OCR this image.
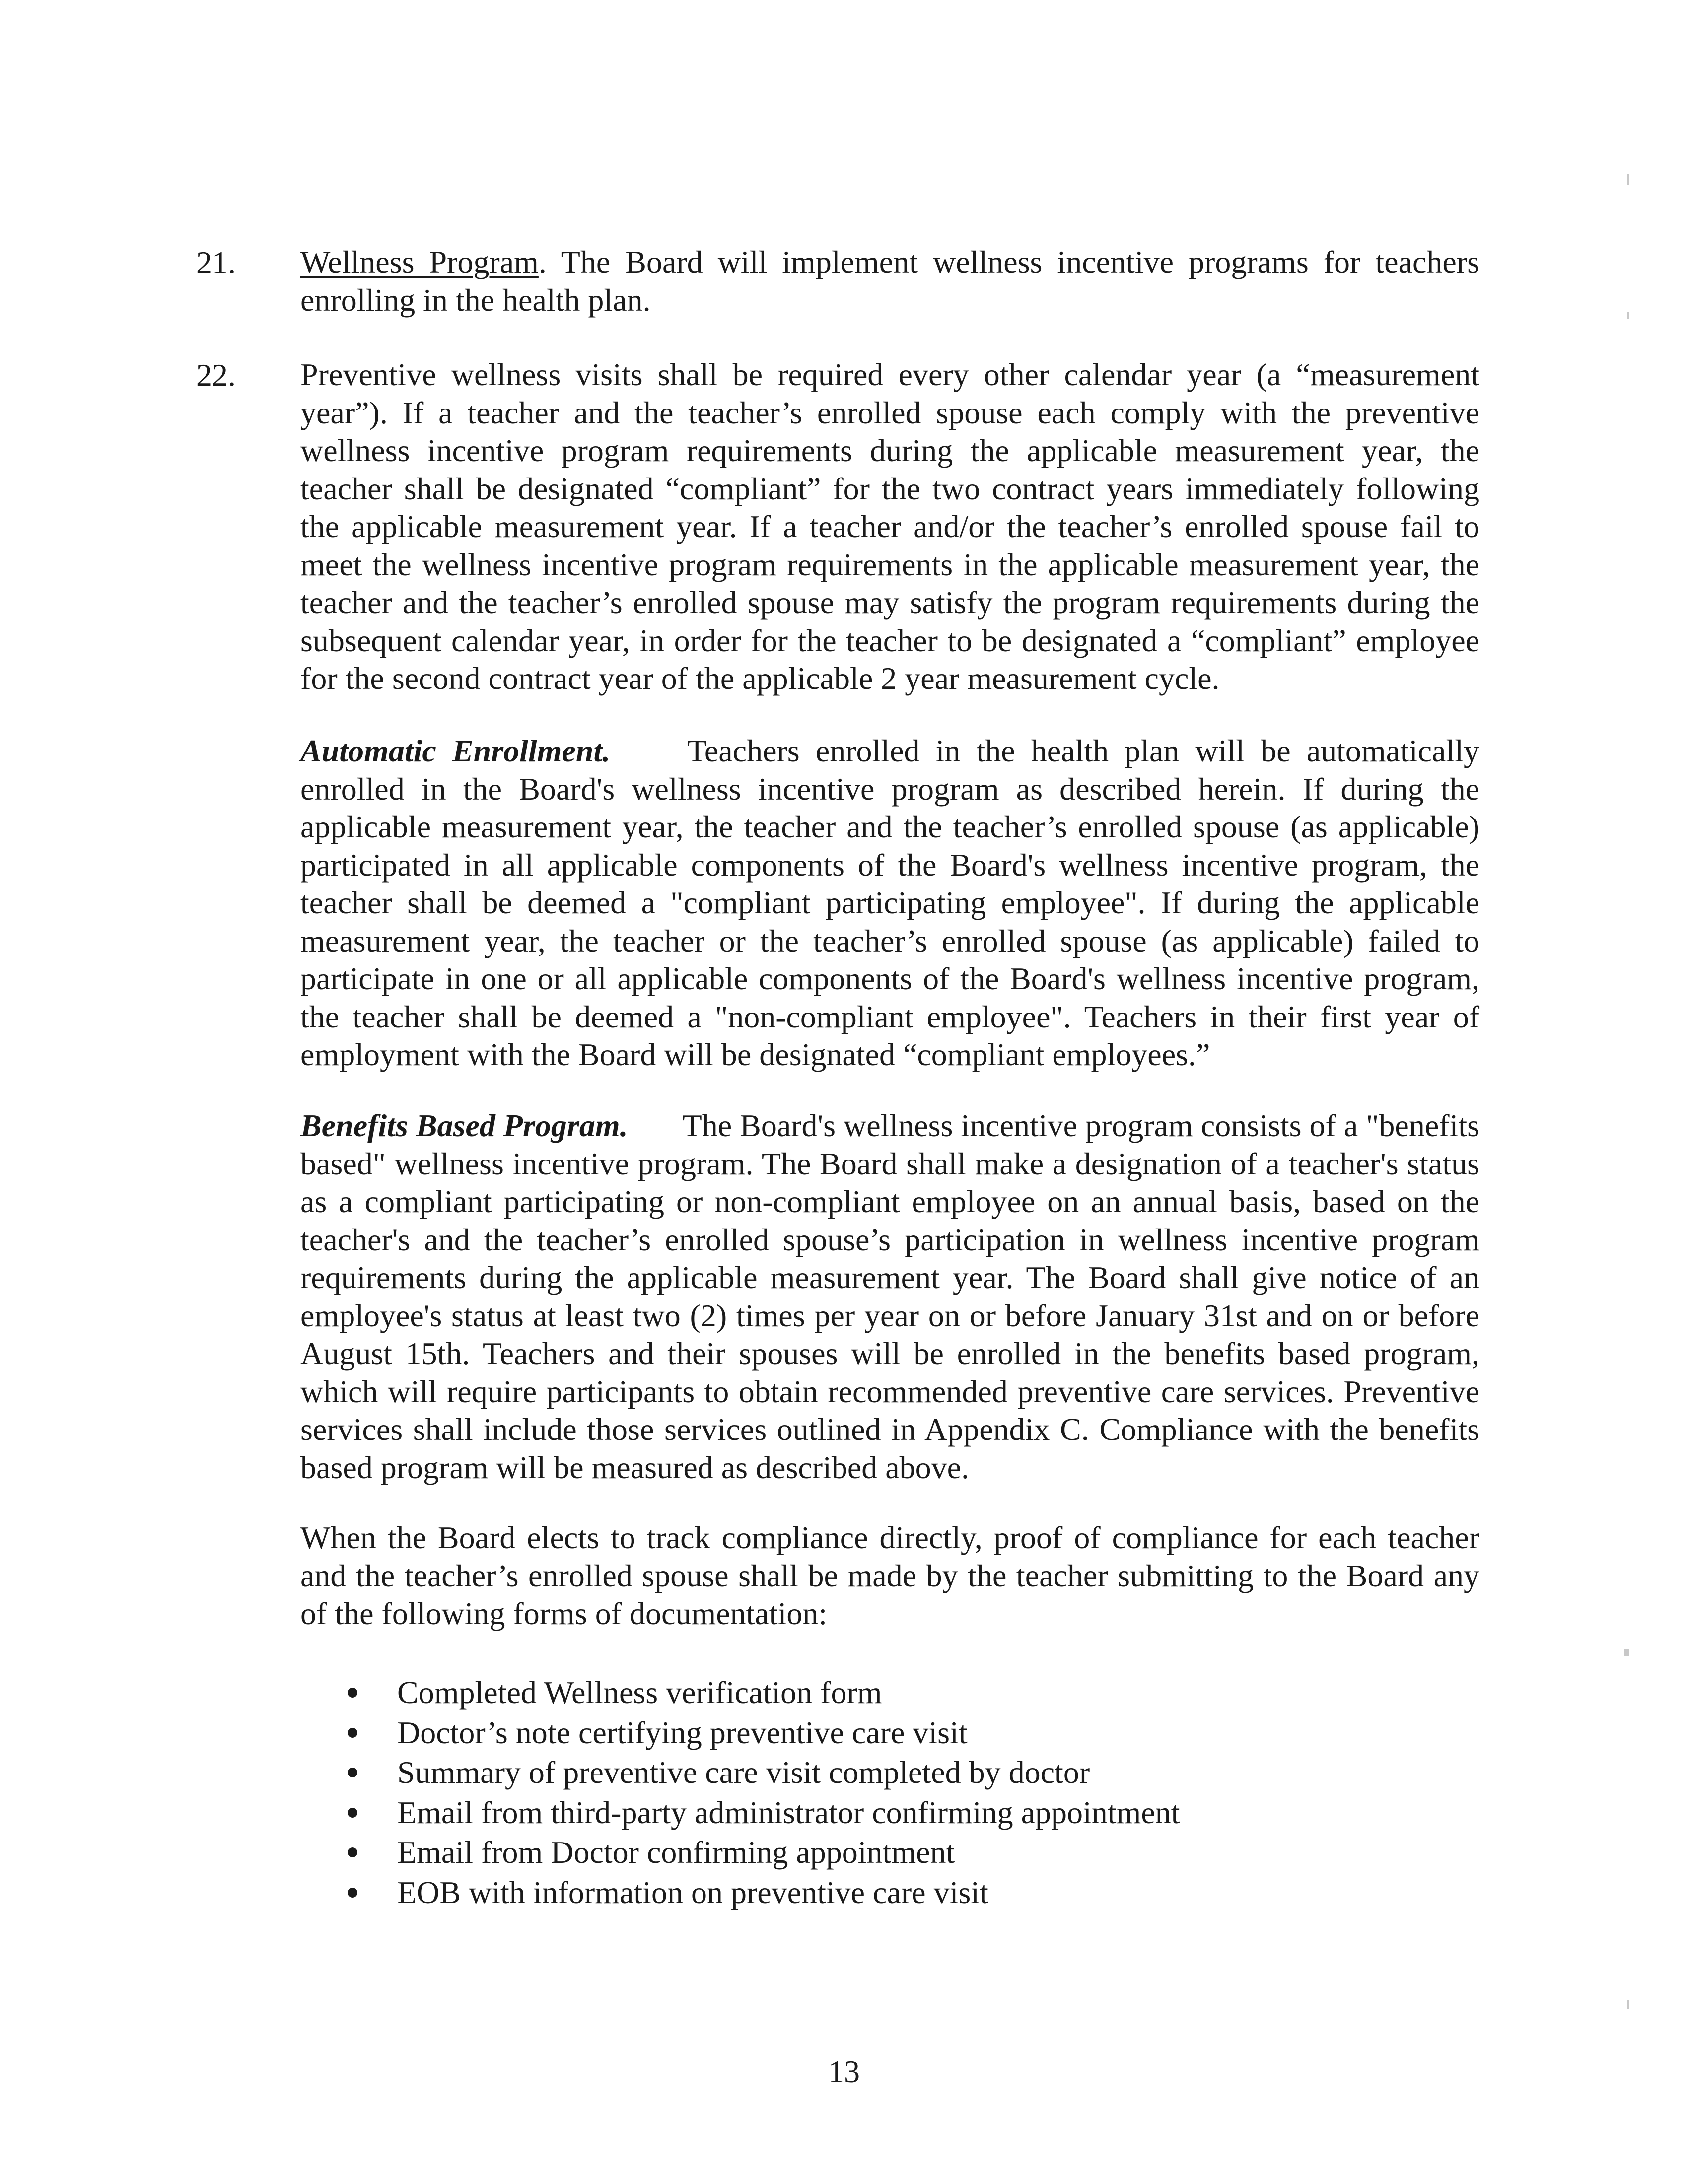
21. Wellness Program. The Board will implement wellness incentive programs for teachers enrolling in the health plan.
22. Preventive wellness visits shall be required every other calendar year (a “measurement year”). If a teacher and the teacher’s enrolled spouse each comply with the preventive wellness incentive program requirements during the applicable measurement year, the teacher shall be designated “compliant” for the two contract years immediately following the applicable measurement year. If a teacher and/or the teacher’s enrolled spouse fail to meet the wellness incentive program requirements in the applicable measurement year, the teacher and the teacher’s enrolled spouse may satisfy the program requirements during the subsequent calendar year, in order for the teacher to be designated a “compliant” employee for the second contract year of the applicable 2 year measurement cycle.
Automatic Enrollment. Teachers enrolled in the health plan will be automatically enrolled in the Board's wellness incentive program as described herein. If during the applicable measurement year, the teacher and the teacher’s enrolled spouse (as applicable) participated in all applicable components of the Board's wellness incentive program, the teacher shall be deemed a "compliant participating employee". If during the applicable measurement year, the teacher or the teacher’s enrolled spouse (as applicable) failed to participate in one or all applicable components of the Board's wellness incentive program, the teacher shall be deemed a "non-compliant employee". Teachers in their first year of employment with the Board will be designated “compliant employees.”
Benefits Based Program. The Board's wellness incentive program consists of a "benefits based" wellness incentive program. The Board shall make a designation of a teacher's status as a compliant participating or non-compliant employee on an annual basis, based on the teacher's and the teacher’s enrolled spouse’s participation in wellness incentive program requirements during the applicable measurement year. The Board shall give notice of an employee's status at least two (2) times per year on or before January 31st and on or before August 15th. Teachers and their spouses will be enrolled in the benefits based program, which will require participants to obtain recommended preventive care services. Preventive services shall include those services outlined in Appendix C. Compliance with the benefits based program will be measured as described above.
When the Board elects to track compliance directly, proof of compliance for each teacher and the teacher’s enrolled spouse shall be made by the teacher submitting to the Board any of the following forms of documentation:
Completed Wellness verification form
Doctor’s note certifying preventive care visit
Summary of preventive care visit completed by doctor
Email from third-party administrator confirming appointment
Email from Doctor confirming appointment
EOB with information on preventive care visit
13
